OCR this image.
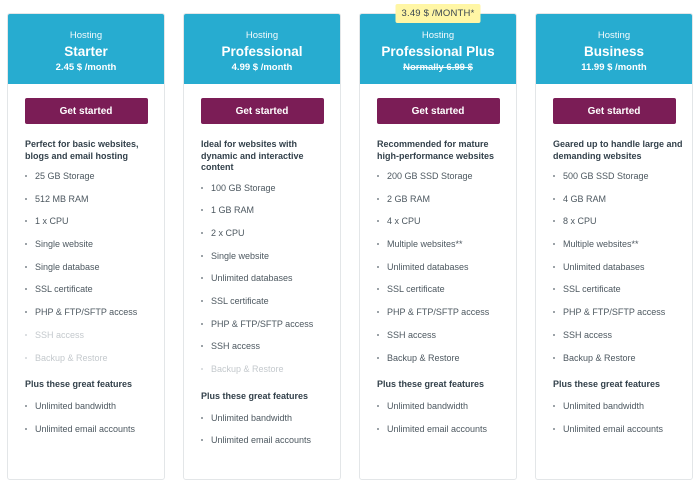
Hosting
Starter
2.45 $ /month
Get started
Perfect for basic websites, blogs and email hosting
25 GB Storage
512 MB RAM
1 x CPU
Single website
Single database
SSL certificate
PHP & FTP/SFTP access
SSH access
Backup & Restore
Plus these great features
Unlimited bandwidth
Unlimited email accounts
Hosting
Professional
4.99 $ /month
Get started
Ideal for websites with dynamic and interactive content
100 GB Storage
1 GB RAM
2 x CPU
Single website
Unlimited databases
SSL certificate
PHP & FTP/SFTP access
SSH access
Backup & Restore
Plus these great features
Unlimited bandwidth
Unlimited email accounts
Hosting
Professional Plus
Normally 6.99 $
3.49 $ /MONTH*
Get started
Recommended for mature high-performance websites
200 GB SSD Storage
2 GB RAM
4 x CPU
Multiple websites**
Unlimited databases
SSL certificate
PHP & FTP/SFTP access
SSH access
Backup & Restore
Plus these great features
Unlimited bandwidth
Unlimited email accounts
Hosting
Business
11.99 $ /month
Get started
Geared up to handle large and demanding websites
500 GB SSD Storage
4 GB RAM
8 x CPU
Multiple websites**
Unlimited databases
SSL certificate
PHP & FTP/SFTP access
SSH access
Backup & Restore
Plus these great features
Unlimited bandwidth
Unlimited email accounts
